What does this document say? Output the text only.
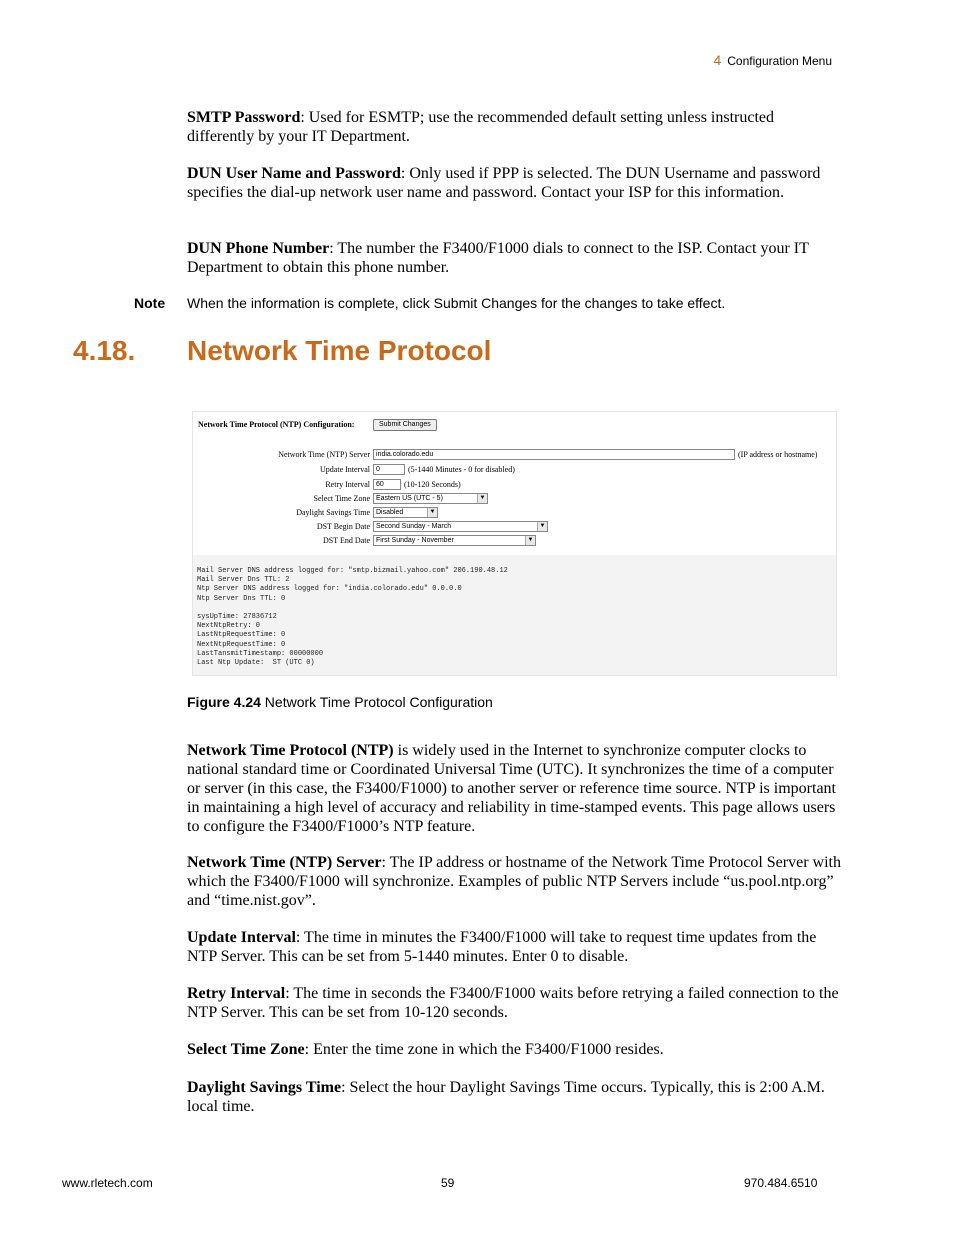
4 Configuration Menu
SMTP Password: Used for ESMTP; use the recommended default setting unless instructed differently by your IT Department.
DUN User Name and Password: Only used if PPP is selected. The DUN Username and password specifies the dial-up network user name and password. Contact your ISP for this information.
DUN Phone Number: The number the F3400/F1000 dials to connect to the ISP. Contact your IT Department to obtain this phone number.
Note When the information is complete, click Submit Changes for the changes to take effect.
4.18. Network Time Protocol
Network Time Protocol (NTP) Configuration:	Submit Changes
Network Time (NTP) Server india.colorado.edu	(IP address or hostname)
Update Interval 0	(5-1440 Minutes - 0 for disabled)
Retry Interval 60	(10-120 Seconds)
Select Time Zone Eastern US (UTC - 5)	▼
Daylight Savings Time Disabled	▼
DST Begin Date Second Sunday - March	▼
DST End Date First Sunday - November	▼
Mail Server DNS address logged for: "smtp.bizmail.yahoo.com" 206.190.48.12
Mail Server Dns TTL: 2
Ntp Server DNS address logged for: "india.colorado.edu" 0.0.0.0
Ntp Server Dns TTL: 0
sysUpTime: 27836712
NextNtpRetry: 0
LastNtpRequestTime: 0
NextNtpRequestTime: 0
LastTansmitTimestamp: 00000000
Last Ntp Update:  ST (UTC 0)
Figure 4.24 Network Time Protocol Configuration
Network Time Protocol (NTP) is widely used in the Internet to synchronize computer clocks to national standard time or Coordinated Universal Time (UTC). It synchronizes the time of a computer or server (in this case, the F3400/F1000) to another server or reference time source. NTP is important in maintaining a high level of accuracy and reliability in time-stamped events. This page allows users to configure the F3400/F1000’s NTP feature.
Network Time (NTP) Server: The IP address or hostname of the Network Time Protocol Server with which the F3400/F1000 will synchronize. Examples of public NTP Servers include “us.pool.ntp.org” and “time.nist.gov”.
Update Interval: The time in minutes the F3400/F1000 will take to request time updates from the NTP Server. This can be set from 5-1440 minutes. Enter 0 to disable.
Retry Interval: The time in seconds the F3400/F1000 waits before retrying a failed connection to the NTP Server. This can be set from 10-120 seconds.
Select Time Zone: Enter the time zone in which the F3400/F1000 resides.
Daylight Savings Time: Select the hour Daylight Savings Time occurs. Typically, this is 2:00 A.M. local time.
www.rletech.com	59	970.484.6510
